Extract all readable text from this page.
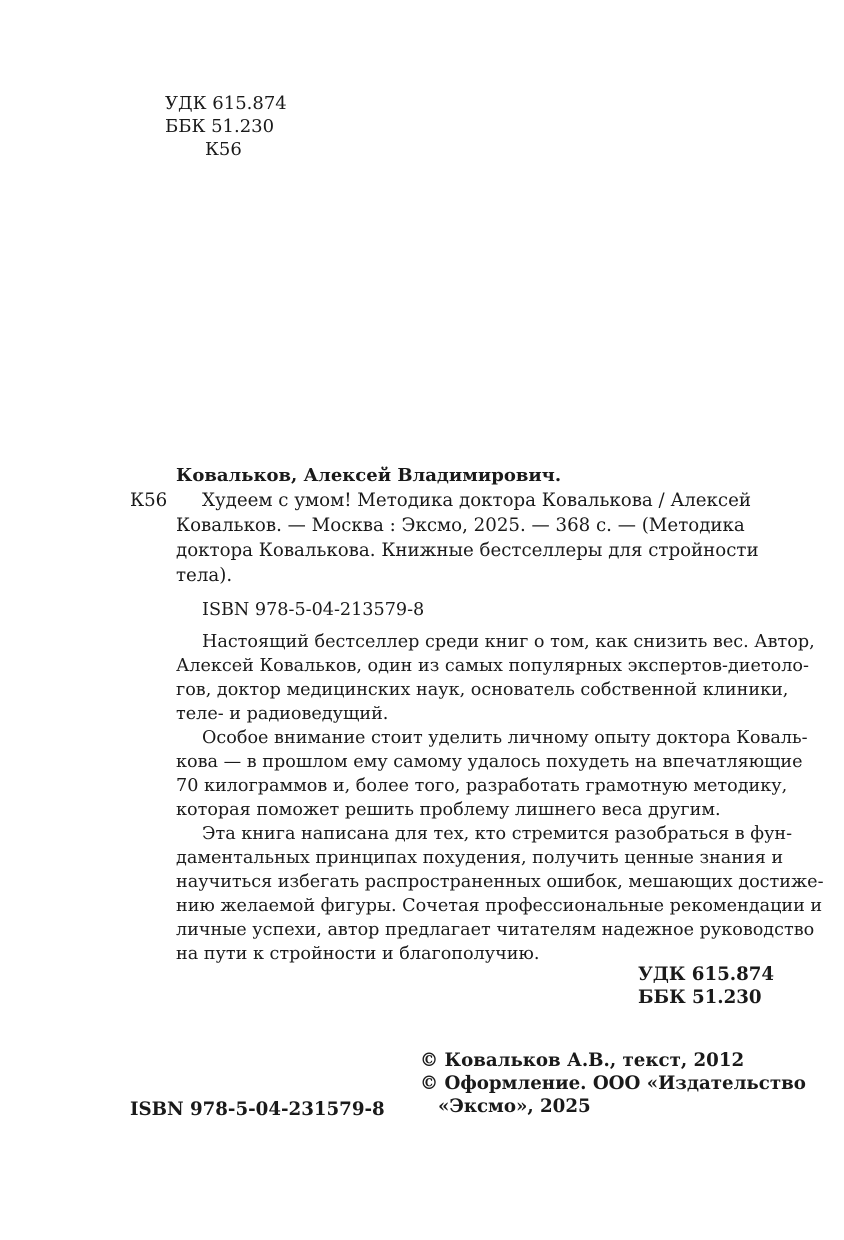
УДК 615.874
ББК 51.230
К56
Ковальков, Алексей Владимирович.
К56 Худеем с умом! Методика доктора Ковалькова / Алексей
Ковальков. — Москва : Эксмо, 2025. — 368 с. — (Методика
доктора Ковалькова. Книжные бестселлеры для стройности
тела).
ISBN 978-5-04-213579-8
Настоящий бестселлер среди книг о том, как снизить вес. Автор,
Алексей Ковальков, один из самых популярных экспертов-диетоло-
гов, доктор медицинских наук, основатель собственной клиники,
теле- и радиоведущий.
Особое внимание стоит уделить личному опыту доктора Коваль-
кова — в прошлом ему самому удалось похудеть на впечатляющие
70 килограммов и, более того, разработать грамотную методику,
которая поможет решить проблему лишнего веса другим.
Эта книга написана для тех, кто стремится разобраться в фун-
даментальных принципах похудения, получить ценные знания и
научиться избегать распространенных ошибок, мешающих достиже-
нию желаемой фигуры. Сочетая профессиональные рекомендации и
личные успехи, автор предлагает читателям надежное руководство
на пути к стройности и благополучию.
УДК 615.874
ББК 51.230
© Ковальков А.В., текст, 2012
© Оформление. ООО «Издательство
«Эксмо», 2025
ISBN 978-5-04-231579-8
